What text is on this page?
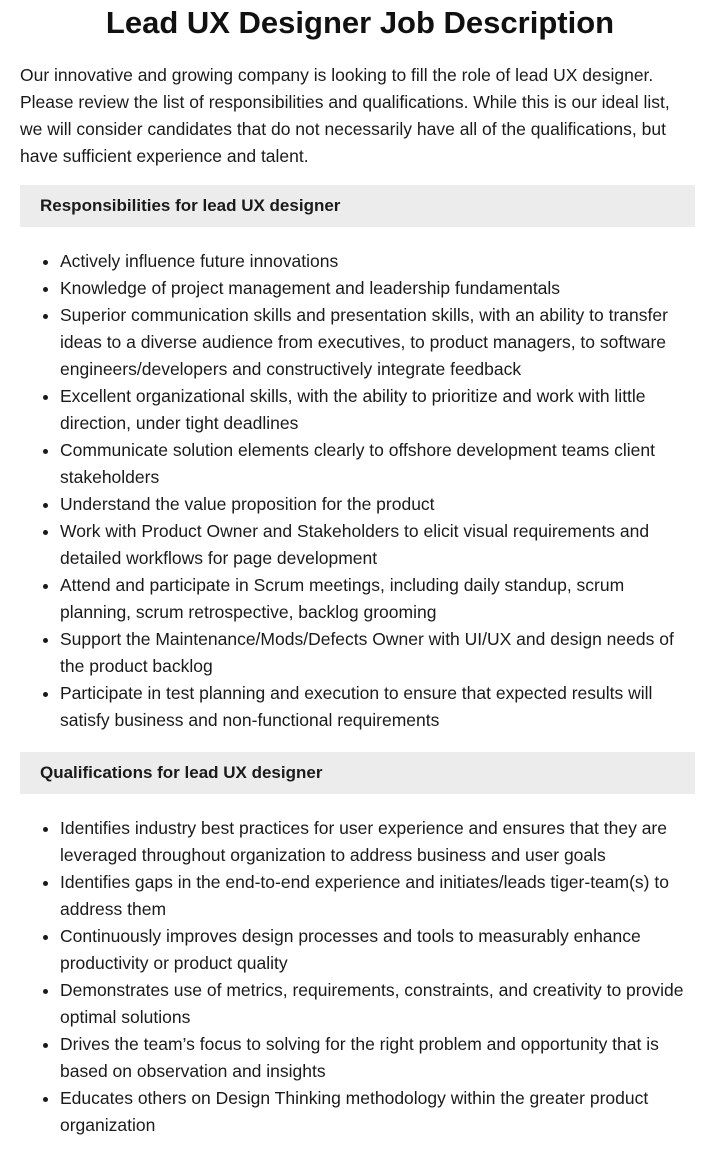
Lead UX Designer Job Description

Our innovative and growing company is looking to fill the role of lead UX designer. Please review the list of responsibilities and qualifications. While this is our ideal list, we will consider candidates that do not necessarily have all of the qualifications, but have sufficient experience and talent.

Responsibilities for lead UX designer
• Actively influence future innovations
• Knowledge of project management and leadership fundamentals
• Superior communication skills and presentation skills, with an ability to transfer ideas to a diverse audience from executives, to product managers, to software engineers/developers and constructively integrate feedback
• Excellent organizational skills, with the ability to prioritize and work with little direction, under tight deadlines
• Communicate solution elements clearly to offshore development teams client stakeholders
• Understand the value proposition for the product
• Work with Product Owner and Stakeholders to elicit visual requirements and detailed workflows for page development
• Attend and participate in Scrum meetings, including daily standup, scrum planning, scrum retrospective, backlog grooming
• Support the Maintenance/Mods/Defects Owner with UI/UX and design needs of the product backlog
• Participate in test planning and execution to ensure that expected results will satisfy business and non-functional requirements
Qualifications for lead UX designer
• Identifies industry best practices for user experience and ensures that they are leveraged throughout organization to address business and user goals
• Identifies gaps in the end-to-end experience and initiates/leads tiger-team(s) to address them
• Continuously improves design processes and tools to measurably enhance productivity or product quality
• Demonstrates use of metrics, requirements, constraints, and creativity to provide optimal solutions
• Drives the team’s focus to solving for the right problem and opportunity that is based on observation and insights
• Educates others on Design Thinking methodology within the greater product organization
